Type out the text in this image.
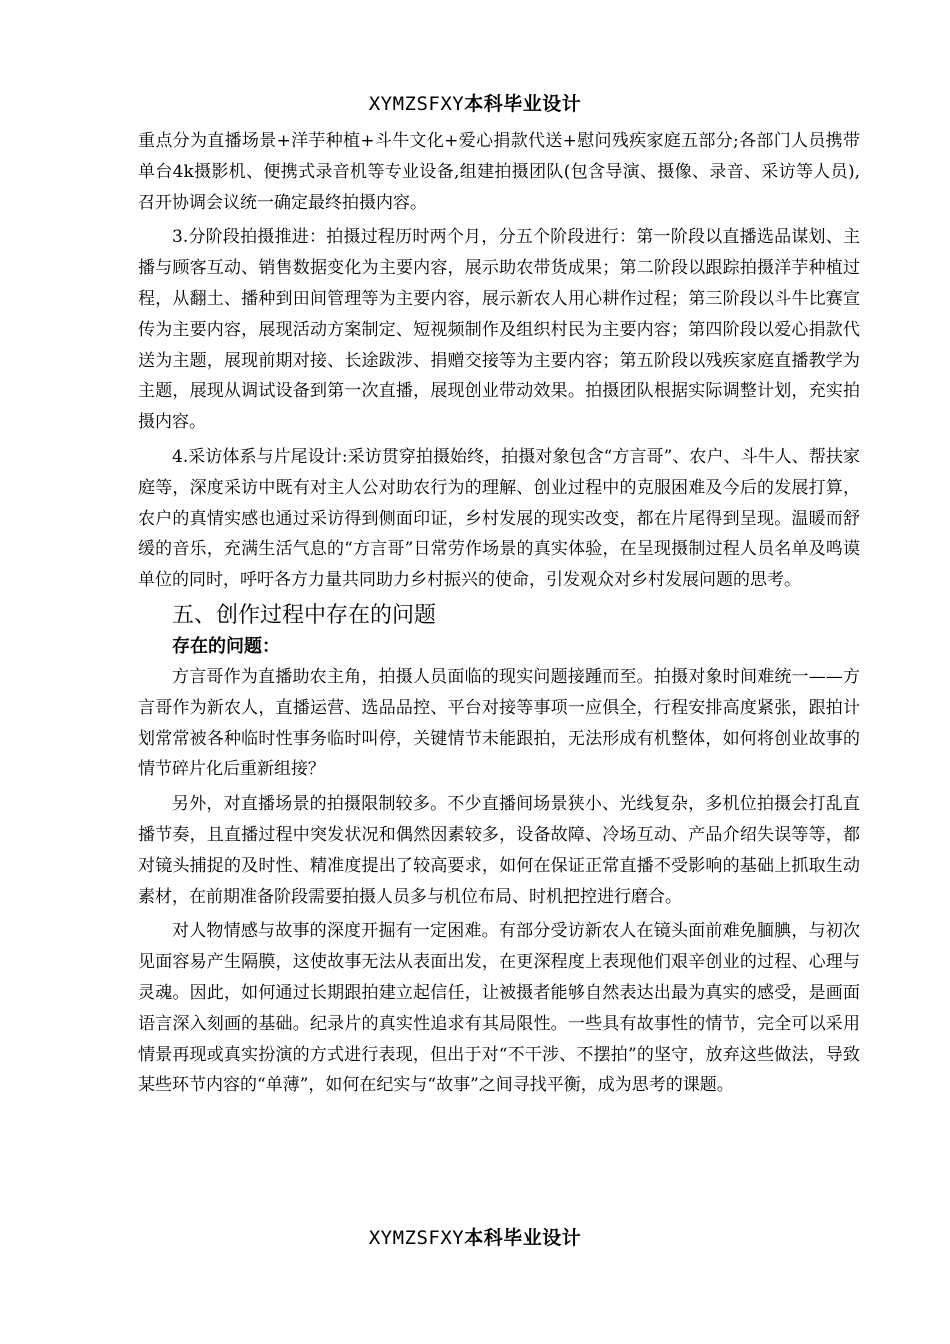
XYMZSFXY本科毕业设计

重点分为直播场景+洋芋种植+斗牛文化+爱心捐款代送+慰问残疾家庭五部分;各部门人员携带单台4k摄影机、便携式录音机等专业设备,组建拍摄团队(包含导演、摄像、录音、采访等人员),召开协调会议统一确定最终拍摄内容。

3.分阶段拍摄推进：拍摄过程历时两个月，分五个阶段进行：第一阶段以直播选品谋划、主播与顾客互动、销售数据变化为主要内容，展示助农带货成果；第二阶段以跟踪拍摄洋芋种植过程，从翻土、播种到田间管理等为主要内容，展示新农人用心耕作过程；第三阶段以斗牛比赛宣传为主要内容，展现活动方案制定、短视频制作及组织村民为主要内容；第四阶段以爱心捐款代送为主题，展现前期对接、长途跋涉、捐赠交接等为主要内容；第五阶段以残疾家庭直播教学为主题，展现从调试设备到第一次直播，展现创业带动效果。拍摄团队根据实际调整计划，充实拍摄内容。

4.采访体系与片尾设计:采访贯穿拍摄始终，拍摄对象包含“方言哥”、农户、斗牛人、帮扶家庭等，深度采访中既有对主人公对助农行为的理解、创业过程中的克服困难及今后的发展打算，农户的真情实感也通过采访得到侧面印证，乡村发展的现实改变，都在片尾得到呈现。温暖而舒缓的音乐，充满生活气息的“方言哥”日常劳作场景的真实体验，在呈现摄制过程人员名单及鸣谟单位的同时，呼吁各方力量共同助力乡村振兴的使命，引发观众对乡村发展问题的思考。

五、创作过程中存在的问题
存在的问题：

方言哥作为直播助农主角，拍摄人员面临的现实问题接踵而至。拍摄对象时间难统一——方言哥作为新农人，直播运营、选品品控、平台对接等事项一应俱全，行程安排高度紧张，跟拍计划常常被各种临时性事务临时叫停，关键情节未能跟拍，无法形成有机整体，如何将创业故事的情节碎片化后重新组接？

另外，对直播场景的拍摄限制较多。不少直播间场景狭小、光线复杂，多机位拍摄会打乱直播节奏，且直播过程中突发状况和偶然因素较多，设备故障、冷场互动、产品介绍失误等等，都对镜头捕捉的及时性、精准度提出了较高要求，如何在保证正常直播不受影响的基础上抓取生动素材，在前期准备阶段需要拍摄人员多与机位布局、时机把控进行磨合。

对人物情感与故事的深度开掘有一定困难。有部分受访新农人在镜头面前难免腼腆，与初次见面容易产生隔膜，这使故事无法从表面出发，在更深程度上表现他们艰辛创业的过程、心理与灵魂。因此，如何通过长期跟拍建立起信任，让被摄者能够自然表达出最为真实的感受，是画面语言深入刻画的基础。纪录片的真实性追求有其局限性。一些具有故事性的情节，完全可以采用情景再现或真实扮演的方式进行表现，但出于对“不干涉、不摆拍”的坚守，放弃这些做法，导致某些环节内容的“单薄”，如何在纪实与“故事”之间寻找平衡，成为思考的课题。

XYMZSFXY本科毕业设计
